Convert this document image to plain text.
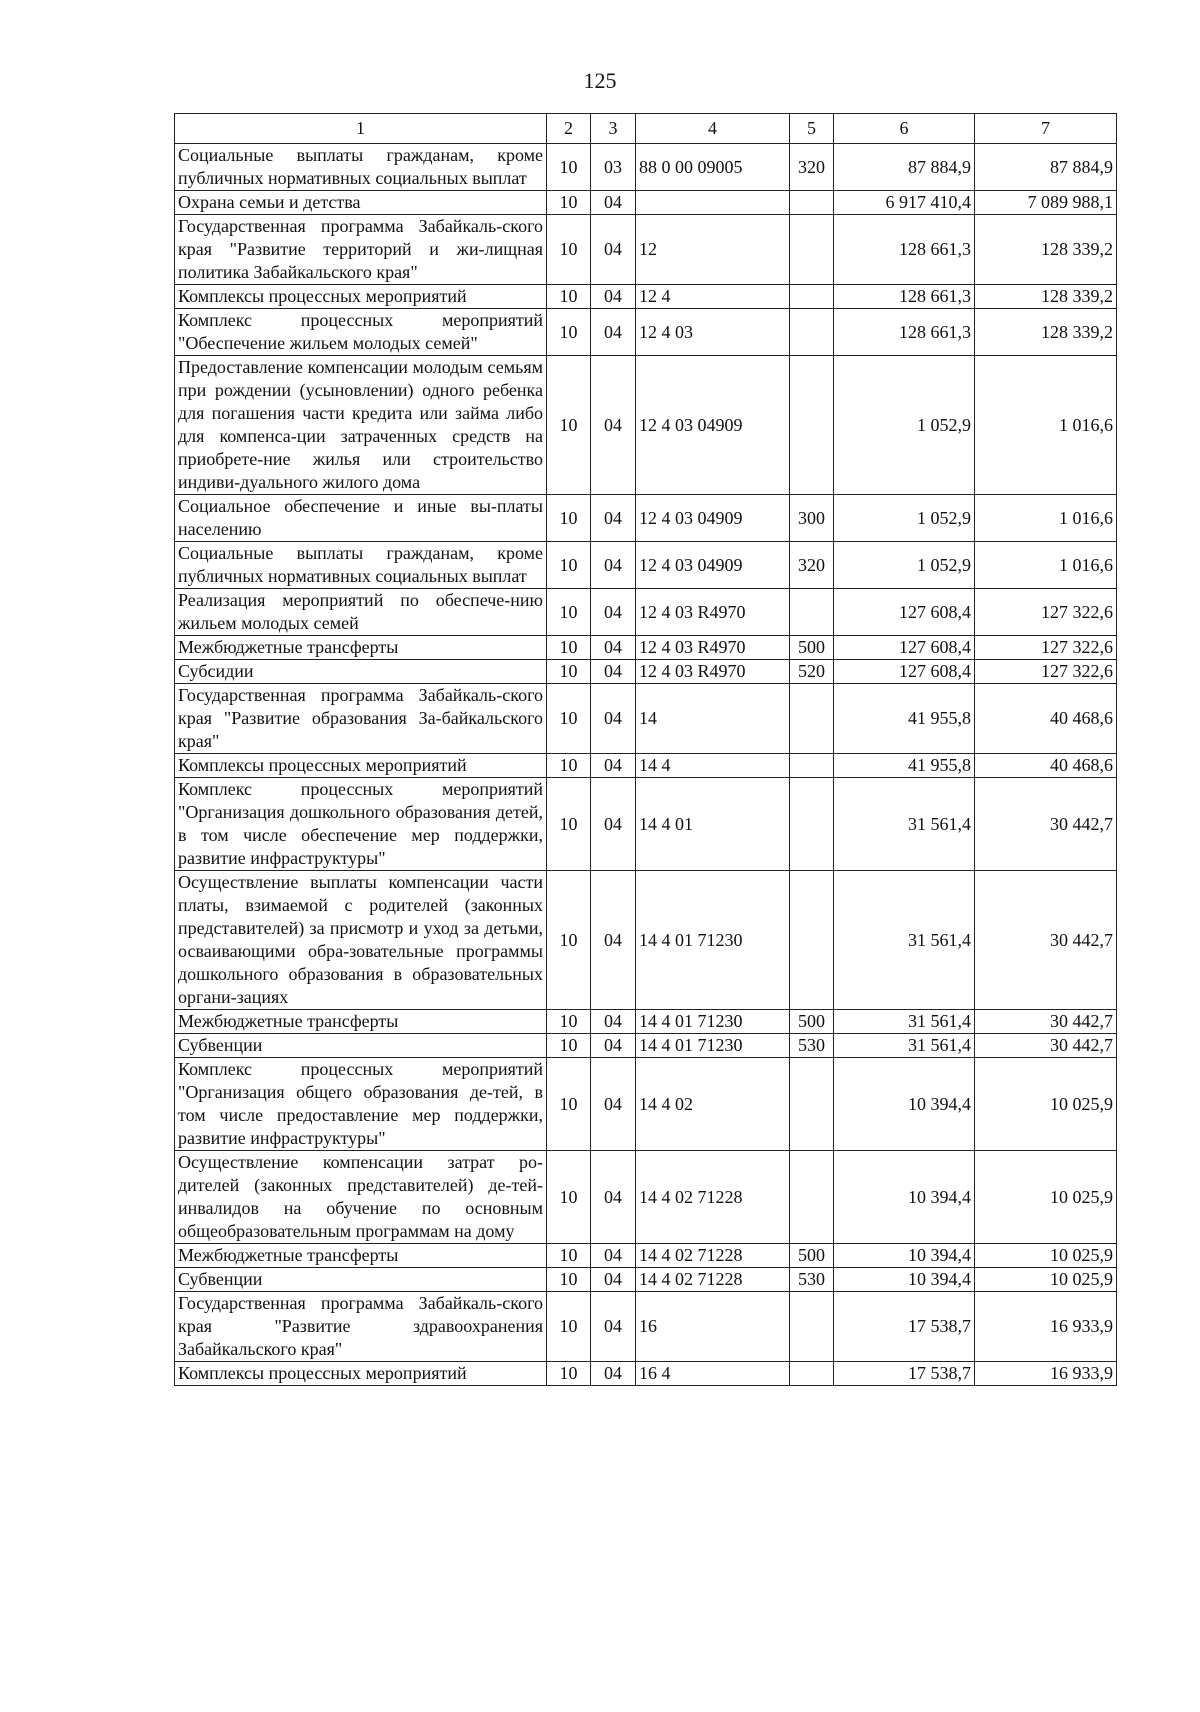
125
1	2	3	4	5	6	7
Социальные выплаты гражданам, кроме публичных нормативных социальных выплат	10	03	88 0 00 09005	320	87 884,9	87 884,9
Охрана семьи и детства	10	04			6 917 410,4	7 089 988,1
Государственная программа Забайкаль-ского края "Развитие территорий и жи-лищная политика Забайкальского края"	10	04	12		128 661,3	128 339,2
Комплексы процессных мероприятий	10	04	12 4		128 661,3	128 339,2
Комплекс процессных мероприятий "Обеспечение жильем молодых семей"	10	04	12 4 03		128 661,3	128 339,2
Предоставление компенсации молодым семьям при рождении (усыновлении) одного ребенка для погашения части кредита или займа либо для компенса-ции затраченных средств на приобрете-ние жилья или строительство индиви-дуального жилого дома	10	04	12 4 03 04909		1 052,9	1 016,6
Социальное обеспечение и иные вы-платы населению	10	04	12 4 03 04909	300	1 052,9	1 016,6
Социальные выплаты гражданам, кроме публичных нормативных социальных выплат	10	04	12 4 03 04909	320	1 052,9	1 016,6
Реализация мероприятий по обеспече-нию жильем молодых семей	10	04	12 4 03 R4970		127 608,4	127 322,6
Межбюджетные трансферты	10	04	12 4 03 R4970	500	127 608,4	127 322,6
Субсидии	10	04	12 4 03 R4970	520	127 608,4	127 322,6
Государственная программа Забайкаль-ского края "Развитие образования За-байкальского края"	10	04	14		41 955,8	40 468,6
Комплексы процессных мероприятий	10	04	14 4		41 955,8	40 468,6
Комплекс процессных мероприятий "Организация дошкольного образования детей, в том числе обеспечение мер поддержки, развитие инфраструктуры"	10	04	14 4 01		31 561,4	30 442,7
Осуществление выплаты компенсации части платы, взимаемой с родителей (законных представителей) за присмотр и уход за детьми, осваивающими обра-зовательные программы дошкольного образования в образовательных органи-зациях	10	04	14 4 01 71230		31 561,4	30 442,7
Межбюджетные трансферты	10	04	14 4 01 71230	500	31 561,4	30 442,7
Субвенции	10	04	14 4 01 71230	530	31 561,4	30 442,7
Комплекс процессных мероприятий "Организация общего образования де-тей, в том числе предоставление мер поддержки, развитие инфраструктуры"	10	04	14 4 02		10 394,4	10 025,9
Осуществление компенсации затрат ро-дителей (законных представителей) де-тей-инвалидов на обучение по основным общеобразовательным программам на дому	10	04	14 4 02 71228		10 394,4	10 025,9
Межбюджетные трансферты	10	04	14 4 02 71228	500	10 394,4	10 025,9
Субвенции	10	04	14 4 02 71228	530	10 394,4	10 025,9
Государственная программа Забайкаль-ского края "Развитие здравоохранения Забайкальского края"	10	04	16		17 538,7	16 933,9
Комплексы процессных мероприятий	10	04	16 4		17 538,7	16 933,9
